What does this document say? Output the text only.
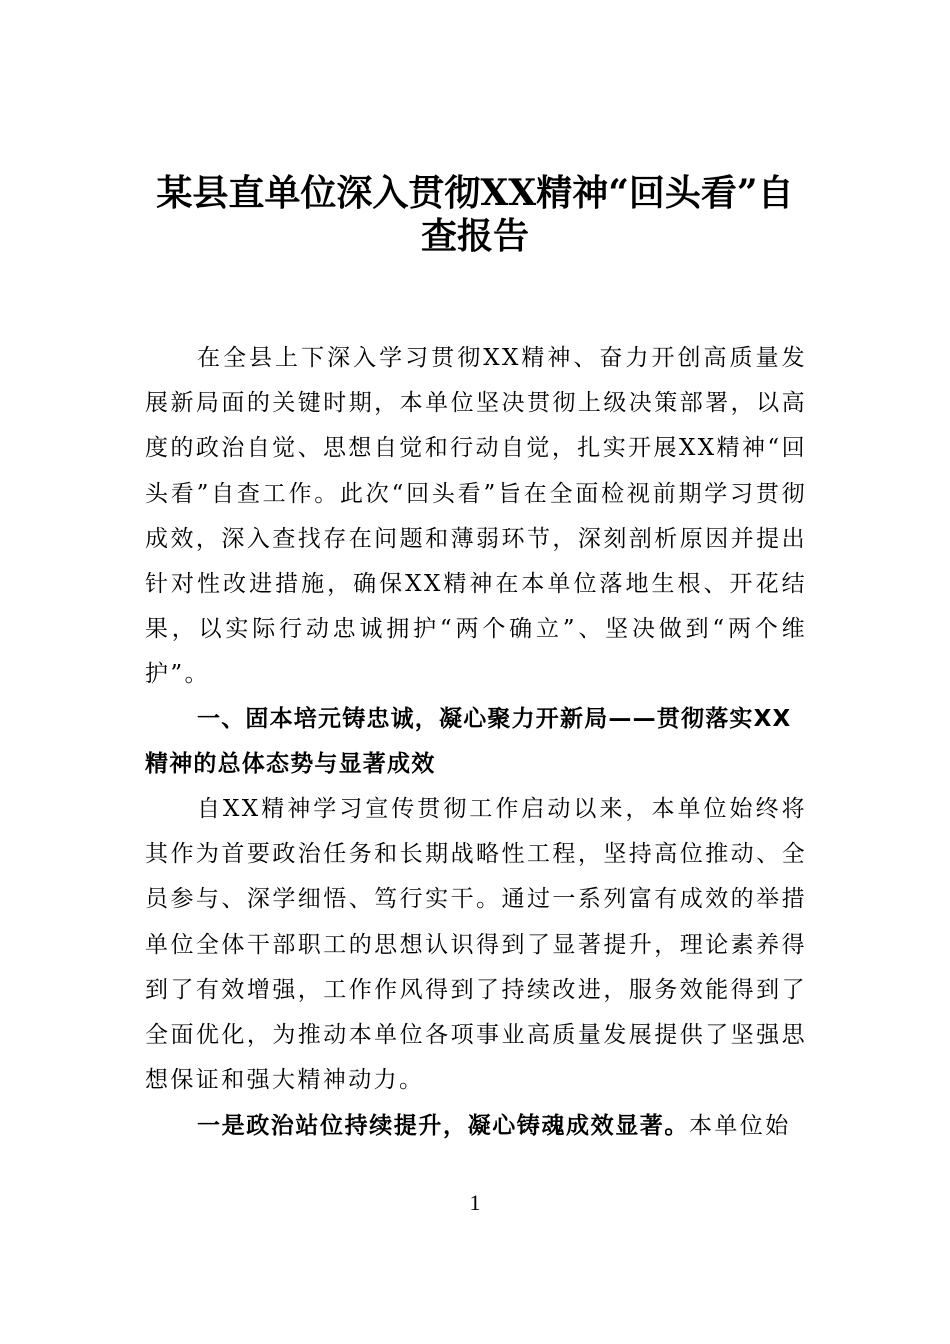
某县直单位深入贯彻XX精神“回头看”自
查报告

在全县上下深入学习贯彻XX精神、奋力开创高质量发展新局面的关键时期，本单位坚决贯彻上级决策部署，以高度的政治自觉、思想自觉和行动自觉，扎实开展XX精神“回头看”自查工作。此次“回头看”旨在全面检视前期学习贯彻成效，深入查找存在问题和薄弱环节，深刻剖析原因并提出针对性改进措施，确保XX精神在本单位落地生根、开花结果，以实际行动忠诚拥护“两个确立”、坚决做到“两个维护”。

一、固本培元铸忠诚，凝心聚力开新局——贯彻落实XX精神的总体态势与显著成效

自XX精神学习宣传贯彻工作启动以来，本单位始终将其作为首要政治任务和长期战略性工程，坚持高位推动、全员参与、深学细悟、笃行实干。通过一系列富有成效的举措单位全体干部职工的思想认识得到了显著提升，理论素养得到了有效增强，工作作风得到了持续改进，服务效能得到了全面优化，为推动本单位各项事业高质量发展提供了坚强思想保证和强大精神动力。

一是政治站位持续提升，凝心铸魂成效显著。本单位始

1
